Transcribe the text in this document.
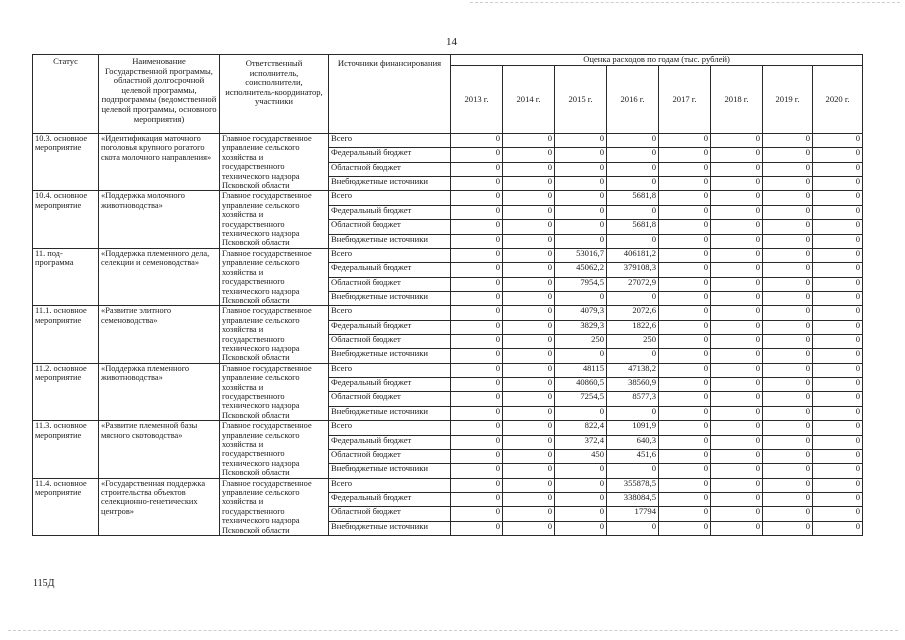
14
Статус	Наименование Государственной программы, областной долгосрочной целевой программы, подпрограммы (ведомственной целевой программы, основного мероприятия)	Ответственный исполнитель, соисполнители, исполнитель-координатор, участники	Источники финансирования	Оценка расходов по годам (тыс. рублей)							
				2013 г.	2014 г.	2015 г.	2016 г.	2017 г.	2018 г.	2019 г.	2020 г.
10.3. основное мероприятие	«Идентификация маточного поголовья крупного рогатого скота молочного направления»	Главное государственное управление сельского хозяйства и государственного технического надзора Псковской области	Всего	0	0	0	0	0	0	0	0
			Федеральный бюджет	0	0	0	0	0	0	0	0
			Областной бюджет	0	0	0	0	0	0	0	0
			Внебюджетные источники	0	0	0	0	0	0	0	0
10.4. основное мероприятие	«Поддержка молочного животноводства»	Главное государственное управление сельского хозяйства и государственного технического надзора Псковской области	Всего	0	0	0	5681,8	0	0	0	0
			Федеральный бюджет	0	0	0	0	0	0	0	0
			Областной бюджет	0	0	0	5681,8	0	0	0	0
			Внебюджетные источники	0	0	0	0	0	0	0	0
11. под-программа	«Поддержка племенного дела, селекции и семеноводства»	Главное государственное управление сельского хозяйства и государственного технического надзора Псковской области	Всего	0	0	53016,7	406181,2	0	0	0	0
			Федеральный бюджет	0	0	45062,2	379108,3	0	0	0	0
			Областной бюджет	0	0	7954,5	27072,9	0	0	0	0
			Внебюджетные источники	0	0	0	0	0	0	0	0
11.1. основное мероприятие	«Развитие элитного семеноводства»	Главное государственное управление сельского хозяйства и государственного технического надзора Псковской области	Всего	0	0	4079,3	2072,6	0	0	0	0
			Федеральный бюджет	0	0	3829,3	1822,6	0	0	0	0
			Областной бюджет	0	0	250	250	0	0	0	0
			Внебюджетные источники	0	0	0	0	0	0	0	0
11.2. основное мероприятие	«Поддержка племенного животноводства»	Главное государственное управление сельского хозяйства и государственного технического надзора Псковской области	Всего	0	0	48115	47138,2	0	0	0	0
			Федеральный бюджет	0	0	40860,5	38560,9	0	0	0	0
			Областной бюджет	0	0	7254,5	8577,3	0	0	0	0
			Внебюджетные источники	0	0	0	0	0	0	0	0
11.3. основное мероприятие	«Развитие племенной базы мясного скотоводства»	Главное государственное управление сельского хозяйства и государственного технического надзора Псковской области	Всего	0	0	822,4	1091,9	0	0	0	0
			Федеральный бюджет	0	0	372,4	640,3	0	0	0	0
			Областной бюджет	0	0	450	451,6	0	0	0	0
			Внебюджетные источники	0	0	0	0	0	0	0	0
11.4. основное мероприятие	«Государственная поддержка строительства объектов селекционно-генетических центров»	Главное государственное управление сельского хозяйства и государственного технического надзора Псковской области	Всего	0	0	0	355878,5	0	0	0	0
			Федеральный бюджет	0	0	0	338084,5	0	0	0	0
			Областной бюджет	0	0	0	17794	0	0	0	0
			Внебюджетные источники	0	0	0	0	0	0	0	0
115Д
